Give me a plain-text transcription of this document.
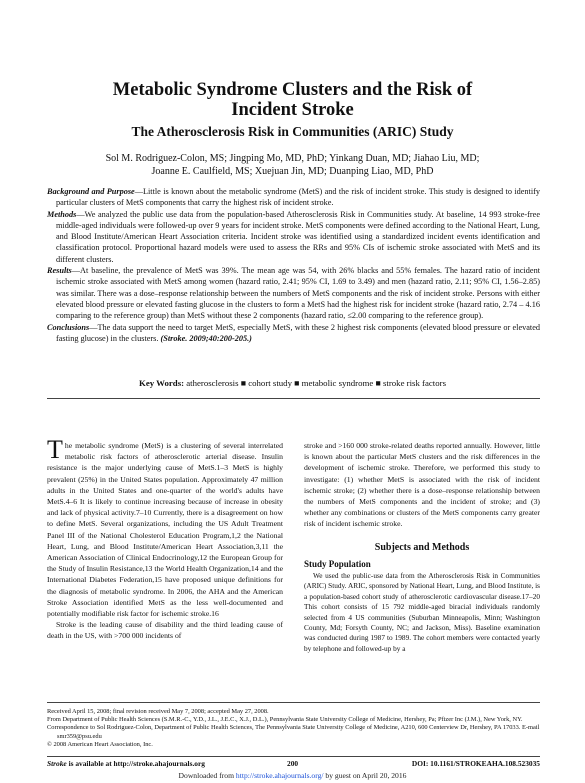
Metabolic Syndrome Clusters and the Risk of
Incident Stroke
The Atherosclerosis Risk in Communities (ARIC) Study
Sol M. Rodriguez-Colon, MS; Jingping Mo, MD, PhD; Yinkang Duan, MD; Jiahao Liu, MD;
Joanne E. Caulfield, MS; Xuejuan Jin, MD; Duanping Liao, MD, PhD

Background and Purpose—Little is known about the metabolic syndrome (MetS) and the risk of incident stroke. This study is designed to identify particular clusters of MetS components that carry the highest risk of incident stroke.

Methods—We analyzed the public use data from the population-based Atherosclerosis Risk in Communities study. At baseline, 14 993 stroke-free middle-aged individuals were followed-up over 9 years for incident stroke. MetS components were defined according to the National Heart, Lung, and Blood Institute/American Heart Association criteria. Incident stroke was identified using a standardized incident events identification and classification protocol. Proportional hazard models were used to assess the RRs and 95% CIs of ischemic stroke associated with MetS and its different clusters.

Results—At baseline, the prevalence of MetS was 39%. The mean age was 54, with 26% blacks and 55% females. The hazard ratio of incident ischemic stroke associated with MetS among women (hazard ratio, 2.41; 95% CI, 1.69 to 3.49) and men (hazard ratio, 2.11; 95% CI, 1.56–2.85) was similar. There was a dose–response relationship between the numbers of MetS components and the risk of incident stroke. Persons with either elevated blood pressure or elevated fasting glucose in the clusters to form a MetS had the highest risk for incident stroke (hazard ratio, 2.74 – 4.16 comparing to the reference group) than MetS without these 2 components (hazard ratio, ≤2.00 comparing to the reference group).

Conclusions—The data support the need to target MetS, especially MetS, with these 2 highest risk components (elevated blood pressure or elevated fasting glucose) in the clusters. (Stroke. 2009;40:200-205.)

Key Words: atherosclerosis ■ cohort study ■ metabolic syndrome ■ stroke risk factors

The metabolic syndrome (MetS) is a clustering of several interrelated metabolic risk factors of atherosclerotic arterial disease. Insulin resistance is the major underlying cause of MetS.1–3 MetS is highly prevalent (25%) in the United States population. Approximately 47 million adults in the United States and one-quarter of the world's adults have MetS.4–6 It is likely to continue increasing because of increase in obesity and lack of physical activity.7–10 Currently, there is a disagreement on how to define MetS. Several organizations, including the US Adult Treatment Panel III of the National Cholesterol Education Program,1,2 the National Heart, Lung, and Blood Institute/American Heart Association,3,11 the American Association of Clinical Endocrinology,12 the European Group for the Study of Insulin Resistance,13 the World Health Organization,14 and the International Diabetes Federation,15 have proposed unique definitions for the diagnosis of metabolic syndrome. In 2006, the AHA and the American Stroke Association identified MetS as the less well-documented and potentially modifiable risk factor for ischemic stroke.16

Stroke is the leading cause of disability and the third leading cause of death in the US, with >700 000 incidents of

stroke and >160 000 stroke-related deaths reported annually. However, little is known about the particular MetS clusters and the risk differences in the development of ischemic stroke. Therefore, we performed this study to investigate: (1) whether MetS is associated with the risk of incident ischemic stroke; (2) whether there is a dose–response relationship between the numbers of MetS components and the incident of stroke; and (3) whether any combinations or clusters of the MetS components carry greater risk of incident ischemic stroke.

Subjects and Methods
Study Population

We used the public-use data from the Atherosclerosis Risk in Communities (ARIC) Study. ARIC, sponsored by National Heart, Lung, and Blood Institute, is a population-based cohort study of atherosclerotic cardiovascular disease.17–20 This cohort consists of 15 792 middle-aged biracial individuals randomly selected from 4 US communities (Suburban Minneapolis, Minn; Washington County, Md; Forsyth County, NC; and Jackson, Miss). Baseline examination was conducted during 1987 to 1989. The cohort members were contacted yearly by telephone and followed-up by a

Received April 15, 2008; final revision received May 7, 2008; accepted May 27, 2008.

From Department of Public Health Sciences (S.M.R.-C., Y.D., J.L., J.E.C., X.J., D.L.), Pennsylvania State University College of Medicine, Hershey, Pa; Pfizer Inc (J.M.), New York, NY.

Correspondence to Sol Rodriguez-Colon, Department of Public Health Sciences, The Pennsylvania State University College of Medicine, A210, 600 Centerview Dr, Hershey, PA 17033. E-mail smr359@psu.edu

© 2008 American Heart Association, Inc.

Stroke is available at http://stroke.ahajournals.org	200	DOI: 10.1161/STROKEAHA.108.523035
Downloaded from http://stroke.ahajournals.org/ by guest on April 20, 2016
